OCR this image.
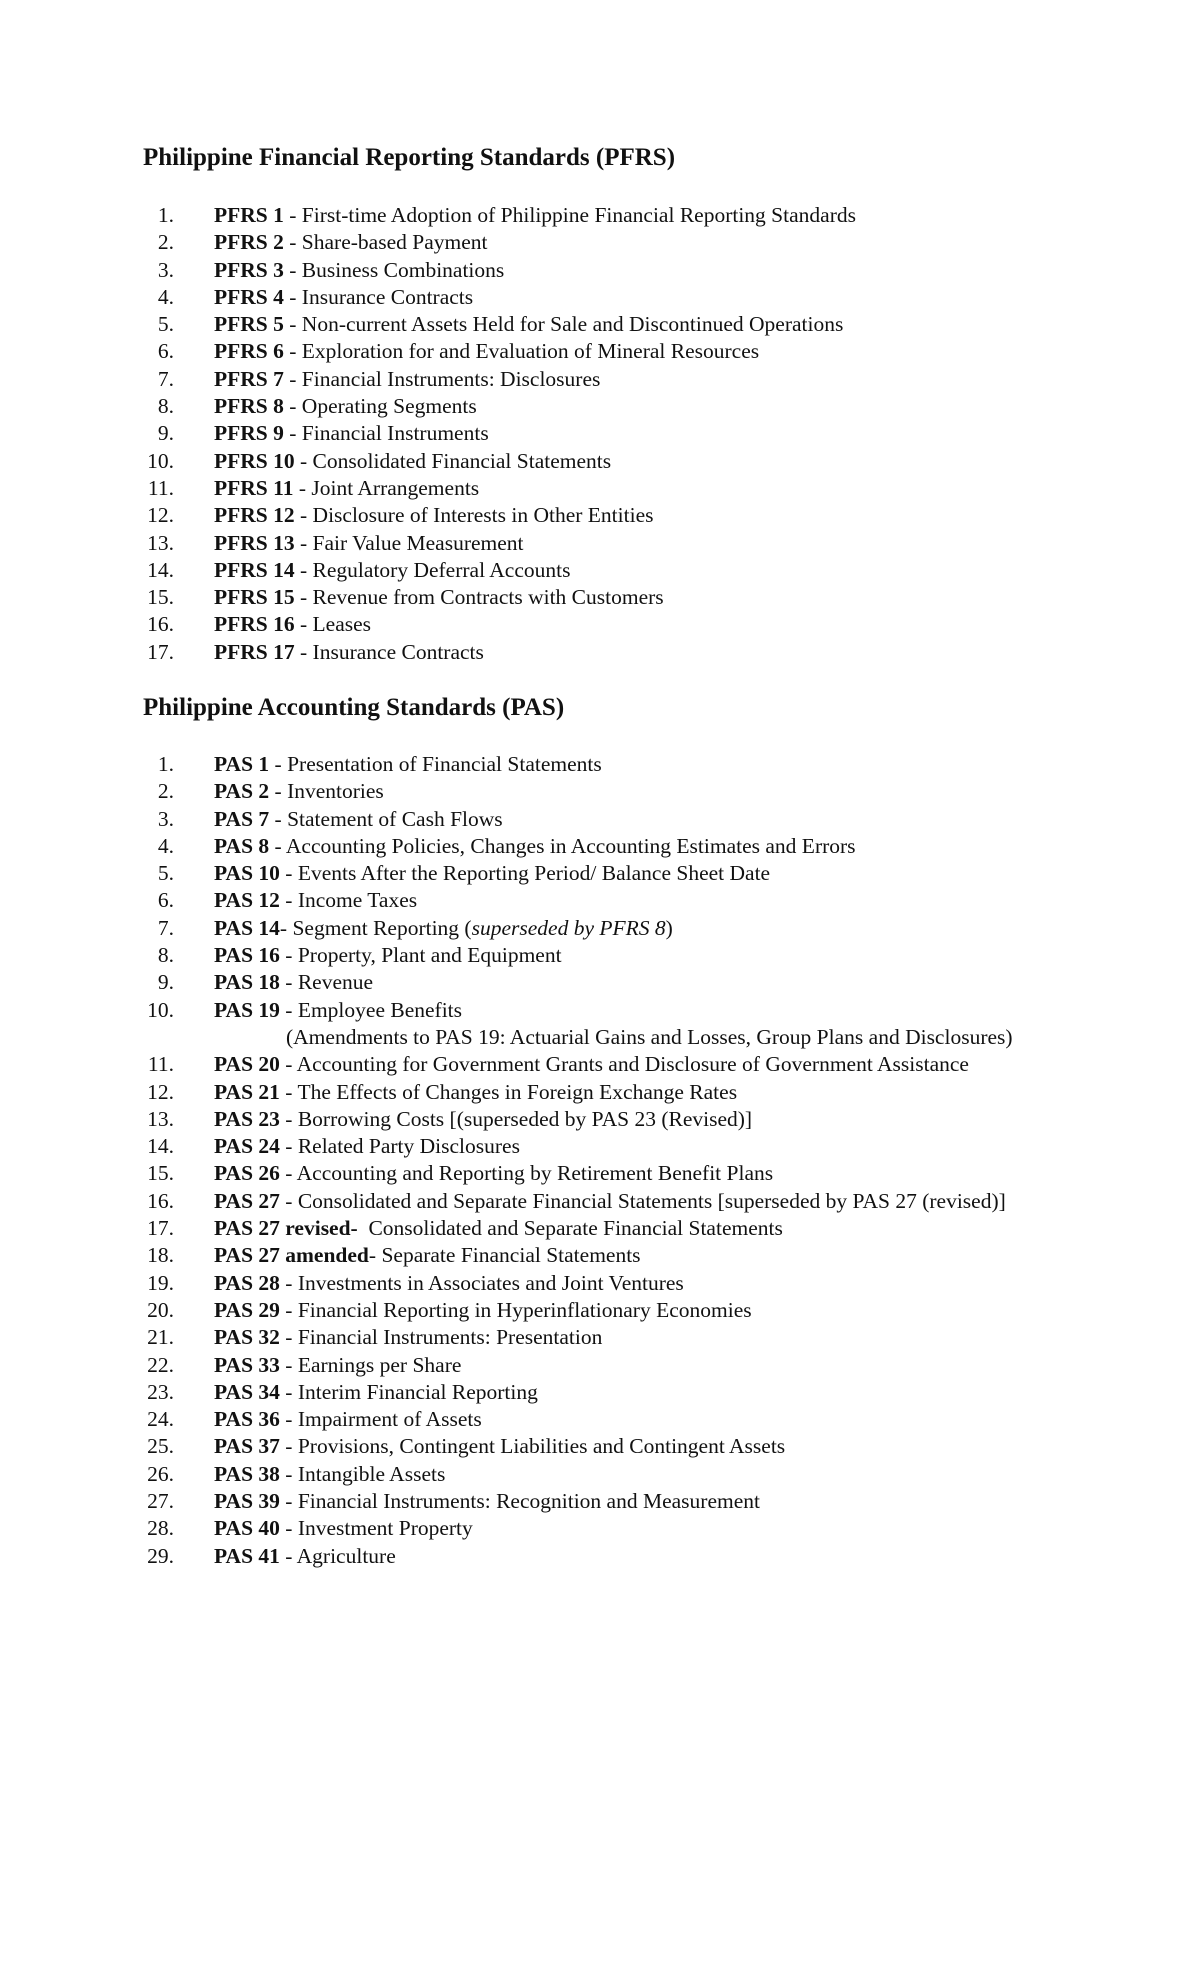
Philippine Financial Reporting Standards (PFRS)
1. PFRS 1 - First-time Adoption of Philippine Financial Reporting Standards
2. PFRS 2 - Share-based Payment
3. PFRS 3 - Business Combinations
4. PFRS 4 - Insurance Contracts
5. PFRS 5 - Non-current Assets Held for Sale and Discontinued Operations
6. PFRS 6 - Exploration for and Evaluation of Mineral Resources
7. PFRS 7 - Financial Instruments: Disclosures
8. PFRS 8 - Operating Segments
9. PFRS 9 - Financial Instruments
10. PFRS 10 - Consolidated Financial Statements
11. PFRS 11 - Joint Arrangements
12. PFRS 12 - Disclosure of Interests in Other Entities
13. PFRS 13 - Fair Value Measurement
14. PFRS 14 - Regulatory Deferral Accounts
15. PFRS 15 - Revenue from Contracts with Customers
16. PFRS 16 - Leases
17. PFRS 17 - Insurance Contracts
Philippine Accounting Standards (PAS)
1. PAS 1 - Presentation of Financial Statements
2. PAS 2 - Inventories
3. PAS 7 - Statement of Cash Flows
4. PAS 8 - Accounting Policies, Changes in Accounting Estimates and Errors
5. PAS 10 - Events After the Reporting Period/ Balance Sheet Date
6. PAS 12 - Income Taxes
7. PAS 14- Segment Reporting (superseded by PFRS 8)
8. PAS 16 - Property, Plant and Equipment
9. PAS 18 - Revenue
10. PAS 19 - Employee Benefits
(Amendments to PAS 19: Actuarial Gains and Losses, Group Plans and Disclosures)
11. PAS 20 - Accounting for Government Grants and Disclosure of Government Assistance
12. PAS 21 - The Effects of Changes in Foreign Exchange Rates
13. PAS 23 - Borrowing Costs [(superseded by PAS 23 (Revised)]
14. PAS 24 - Related Party Disclosures
15. PAS 26 - Accounting and Reporting by Retirement Benefit Plans
16. PAS 27 - Consolidated and Separate Financial Statements [superseded by PAS 27 (revised)]
17. PAS 27 revised- Consolidated and Separate Financial Statements
18. PAS 27 amended- Separate Financial Statements
19. PAS 28 - Investments in Associates and Joint Ventures
20. PAS 29 - Financial Reporting in Hyperinflationary Economies
21. PAS 32 - Financial Instruments: Presentation
22. PAS 33 - Earnings per Share
23. PAS 34 - Interim Financial Reporting
24. PAS 36 - Impairment of Assets
25. PAS 37 - Provisions, Contingent Liabilities and Contingent Assets
26. PAS 38 - Intangible Assets
27. PAS 39 - Financial Instruments: Recognition and Measurement
28. PAS 40 - Investment Property
29. PAS 41 - Agriculture
